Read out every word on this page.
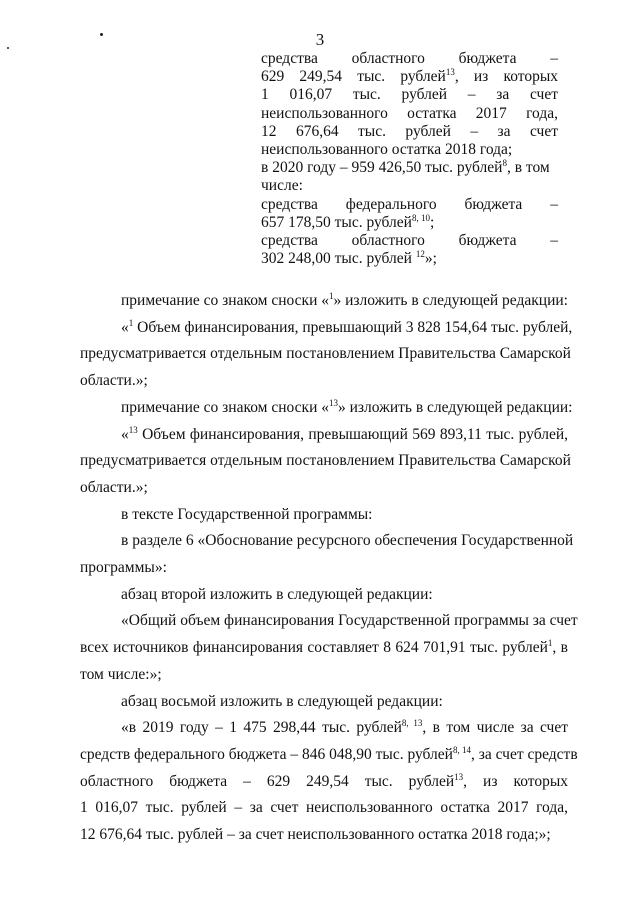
3
средства областного бюджета –
629 249,54 тыс. рублей$^{13}$, из которых
1 016,07 тыс. рублей – за счет
неиспользованного остатка 2017 года,
12 676,64 тыс. рублей – за счет
неиспользованного остатка 2018 года;
в 2020 году – 959 426,50 тыс. рублей$^8$, в том
числе:
средства федерального бюджета –
657 178,50 тыс. рублей$^{8, 10}$;
средства областного бюджета –
302 248,00 тыс. рублей $^{12}$»;
примечание со знаком сноски «$^1$» изложить в следующей редакции:
«$^1$ Объем финансирования, превышающий 3 828 154,64 тыс. рублей,
предусматривается отдельным постановлением Правительства Самарской
области.»;
примечание со знаком сноски «$^{13}$» изложить в следующей редакции:
«$^{13}$ Объем финансирования, превышающий 569 893,11 тыс. рублей,
предусматривается отдельным постановлением Правительства Самарской
области.»;
в тексте Государственной программы:
в разделе 6 «Обоснование ресурсного обеспечения Государственной
программы»:
абзац второй изложить в следующей редакции:
«Общий объем финансирования Государственной программы за счет
всех источников финансирования составляет 8 624 701,91 тыс. рублей$^1$, в
том числе:»;
абзац восьмой изложить в следующей редакции:
«в 2019 году – 1 475 298,44 тыс. рублей$^{8, 13}$, в том числе за счет
средств федерального бюджета – 846 048,90 тыс. рублей$^{8, 14}$, за счет средств
областного бюджета – 629 249,54 тыс. рублей$^{13}$, из которых
1 016,07 тыс. рублей – за счет неиспользованного остатка 2017 года,
12 676,64 тыс. рублей – за счет неиспользованного остатка 2018 года;»;
